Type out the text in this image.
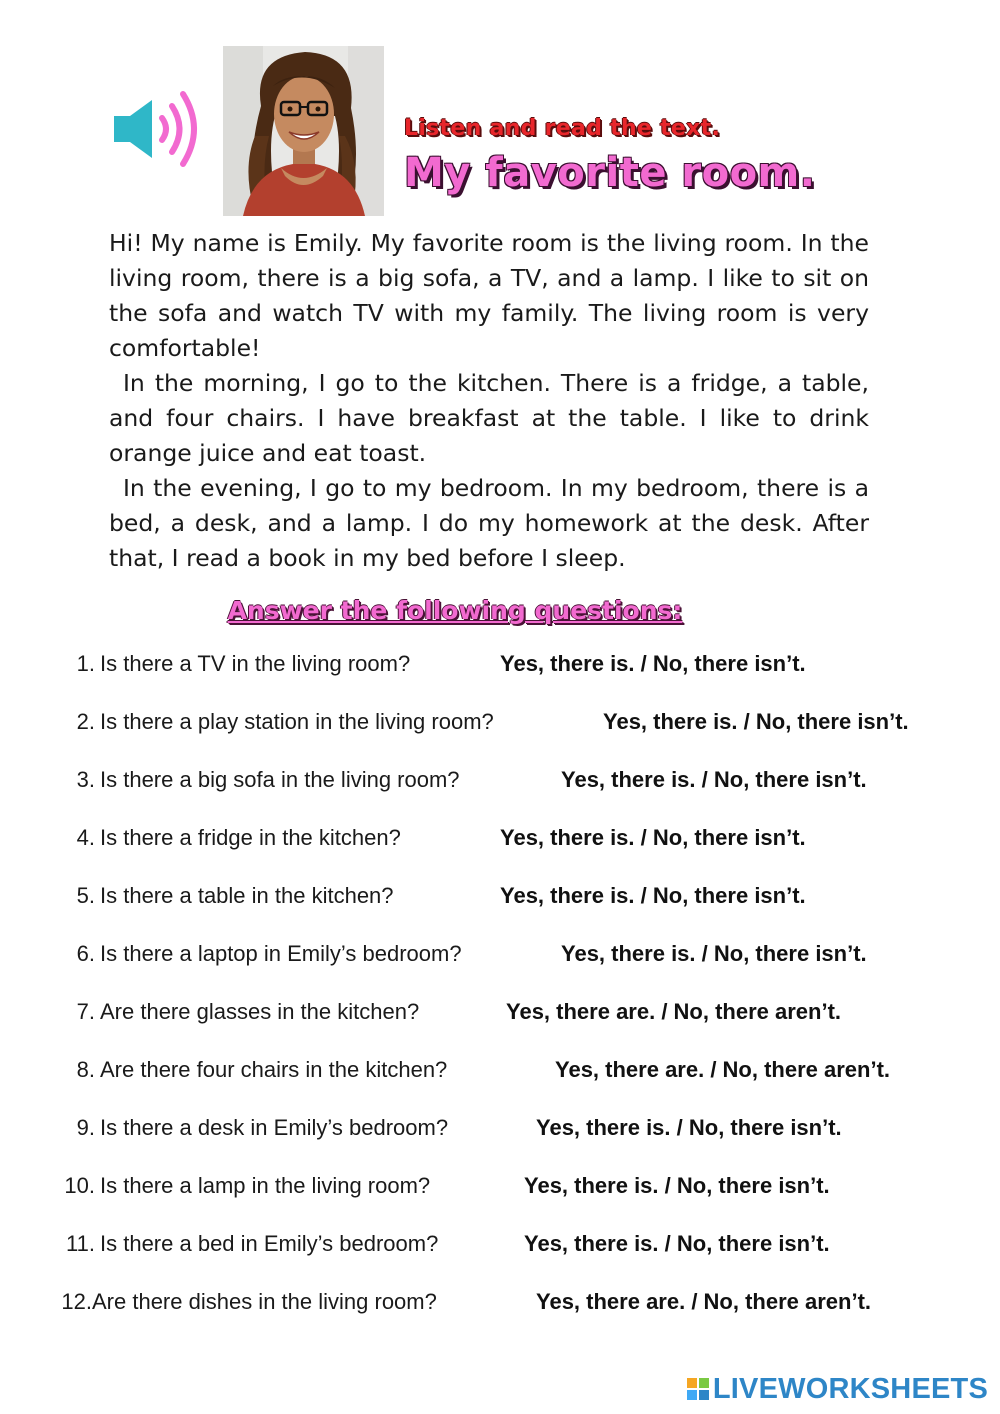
Listen and read the text.
My favorite room.

Hi! My name is Emily. My favorite room is the living room. In the living room, there is a big sofa, a TV, and a lamp. I like to sit on the sofa and watch TV with my family. The living room is very comfortable!

In the morning, I go to the kitchen. There is a fridge, a table, and four chairs. I have breakfast at the table. I like to drink orange juice and eat toast.

In the evening, I go to my bedroom. In my bedroom, there is a bed, a desk, and a lamp. I do my homework at the desk. After that, I read a book in my bed before I sleep.

Answer the following questions:
1. Is there a TV in the living room?	Yes, there is. / No, there isn’t.
2. Is there a play station in the living room?	Yes, there is. / No, there isn’t.
3. Is there a big sofa in the living room?	Yes, there is. / No, there isn’t.
4. Is there a fridge in the kitchen?	Yes, there is. / No, there isn’t.
5. Is there a table in the kitchen?	Yes, there is. / No, there isn’t.
6. Is there a laptop in Emily’s bedroom?	Yes, there is. / No, there isn’t.
7. Are there glasses in the kitchen?	Yes, there are. / No, there aren’t.
8. Are there four chairs in the kitchen?	Yes, there are. / No, there aren’t.
9. Is there a desk in Emily’s bedroom?	Yes, there is. / No, there isn’t.
10. Is there a lamp in the living room?	Yes, there is. / No, there isn’t.
11. Is there a bed in Emily’s bedroom?	Yes, there is. / No, there isn’t.
12. Are there dishes in the living room?	Yes, there are. / No, there aren’t.
LIVEWORKSHEETS
